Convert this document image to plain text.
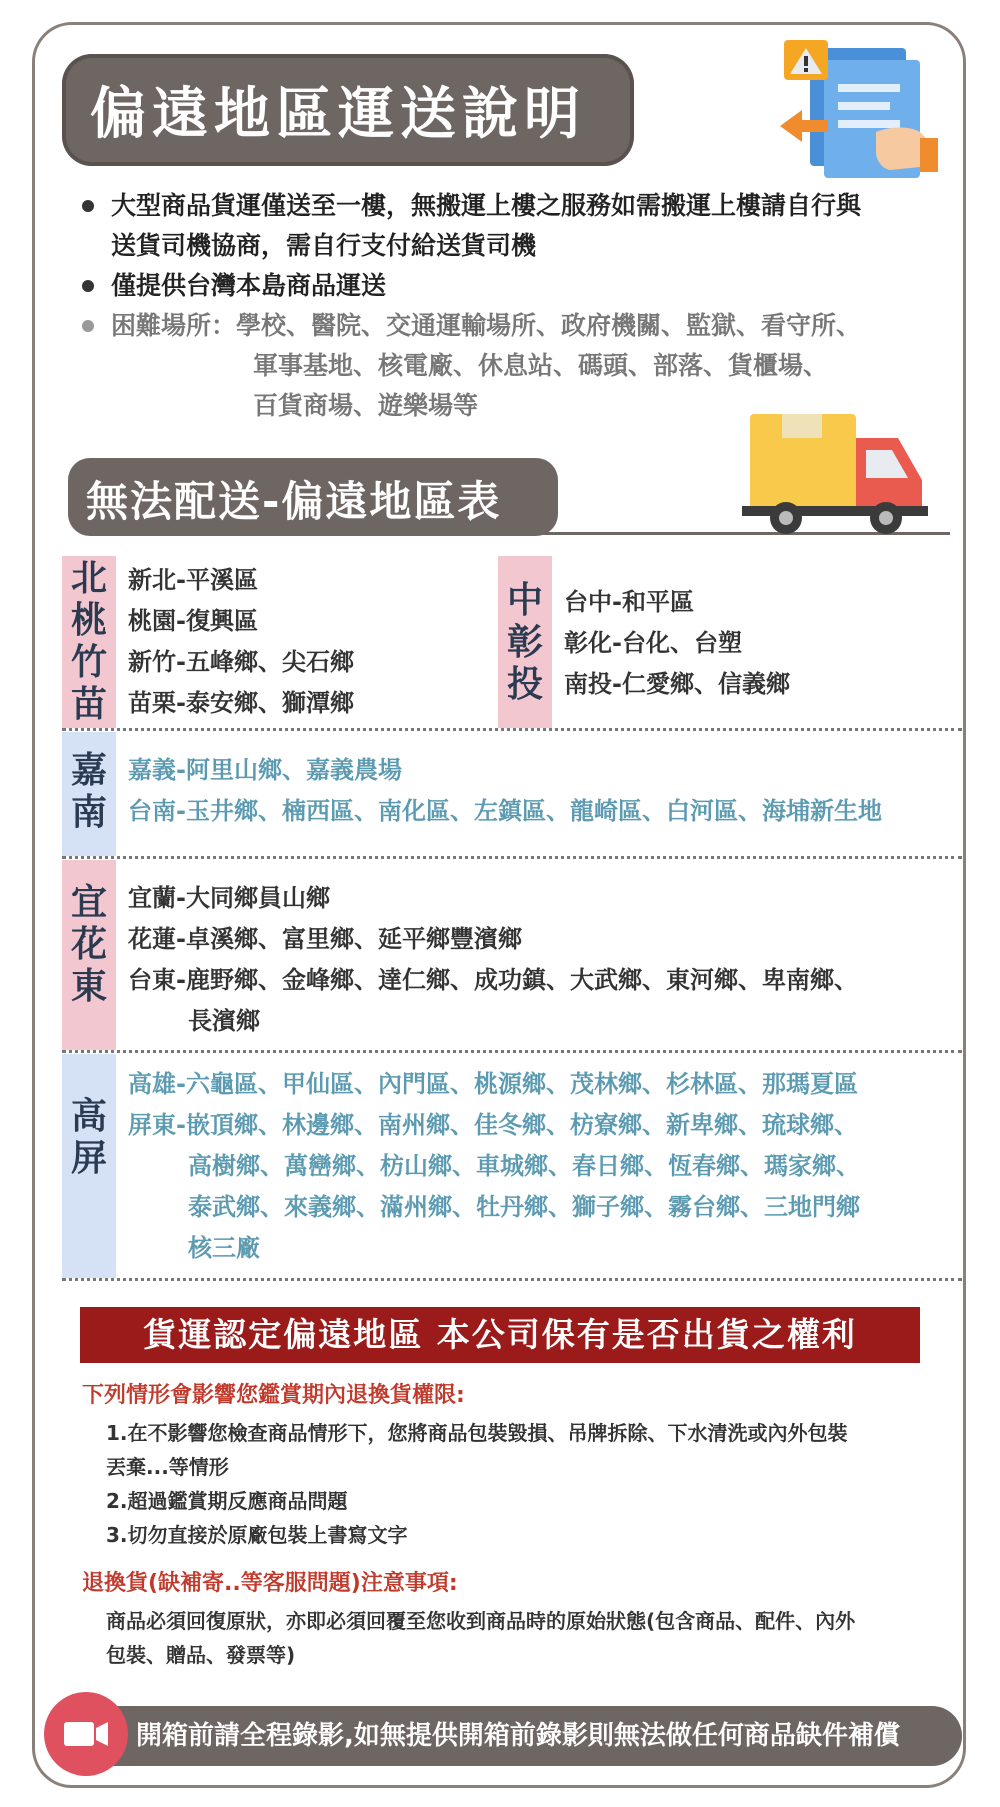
偏遠地區運送說明
大型商品貨運僅送至一樓，無搬運上樓之服務如需搬運上樓請自行與
送貨司機協商，需自行支付給送貨司機
僅提供台灣本島商品運送
困難場所：學校、醫院、交通運輸場所、政府機關、監獄、看守所、
軍事基地、核電廠、休息站、碼頭、部落、貨櫃場、
百貨商場、遊樂場等
無法配送-偏遠地區表
北
桃
竹
苗
新北-平溪區
桃園-復興區
新竹-五峰鄉、尖石鄉
苗栗-泰安鄉、獅潭鄉
中
彰
投
台中-和平區
彰化-台化、台塑
南投-仁愛鄉、信義鄉
嘉
南
嘉義-阿里山鄉、嘉義農場
台南-玉井鄉、楠西區、南化區、左鎮區、龍崎區、白河區、海埔新生地
宜
花
東
宜蘭-大同鄉員山鄉
花蓮-卓溪鄉、富里鄉、延平鄉豐濱鄉
台東-鹿野鄉、金峰鄉、達仁鄉、成功鎮、大武鄉、東河鄉、卑南鄉、
長濱鄉
高
屏
高雄-六龜區、甲仙區、內門區、桃源鄉、茂林鄉、杉林區、那瑪夏區
屏東-嵌頂鄉、林邊鄉、南州鄉、佳冬鄉、枋寮鄉、新卑鄉、琉球鄉、
高樹鄉、萬巒鄉、枋山鄉、車城鄉、春日鄉、恆春鄉、瑪家鄉、
泰武鄉、來義鄉、滿州鄉、牡丹鄉、獅子鄉、霧台鄉、三地門鄉
核三廠
貨運認定偏遠地區 本公司保有是否出貨之權利
下列情形會影響您鑑賞期內退換貨權限:
1.在不影響您檢查商品情形下，您將商品包裝毀損、吊牌拆除、下水清洗或內外包裝
丟棄...等情形
2.超過鑑賞期反應商品問題
3.切勿直接於原廠包裝上書寫文字
退換貨(缺補寄..等客服問題)注意事項:
商品必須回復原狀，亦即必須回覆至您收到商品時的原始狀態(包含商品、配件、內外
包裝、贈品、發票等)
開箱前請全程錄影,如無提供開箱前錄影則無法做任何商品缺件補償
